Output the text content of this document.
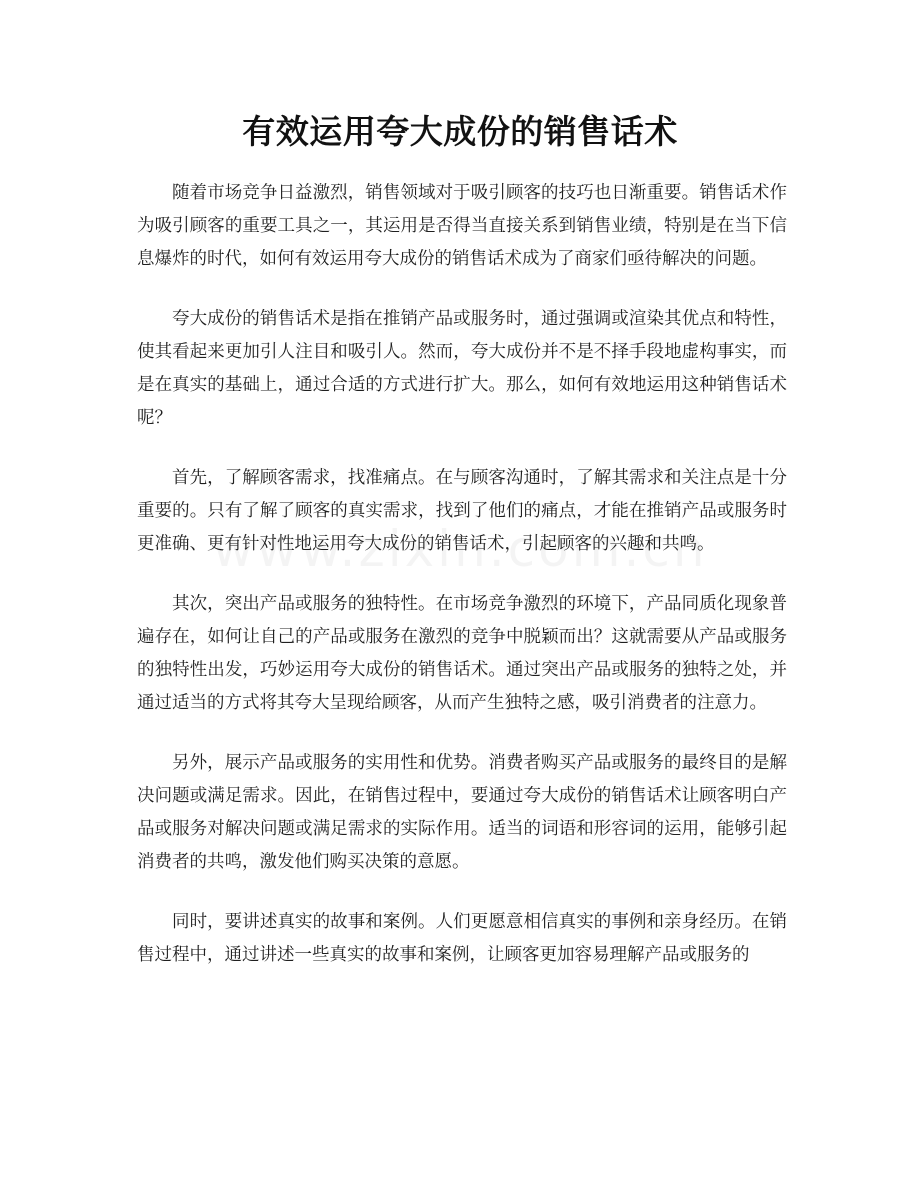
有效运用夸大成份的销售话术

随着市场竞争日益激烈，销售领域对于吸引顾客的技巧也日渐重要。销售话术作为吸引顾客的重要工具之一，其运用是否得当直接关系到销售业绩，特别是在当下信息爆炸的时代，如何有效运用夸大成份的销售话术成为了商家们亟待解决的问题。

夸大成份的销售话术是指在推销产品或服务时，通过强调或渲染其优点和特性，使其看起来更加引人注目和吸引人。然而，夸大成份并不是不择手段地虚构事实，而是在真实的基础上，通过合适的方式进行扩大。那么，如何有效地运用这种销售话术呢？

首先，了解顾客需求，找准痛点。在与顾客沟通时，了解其需求和关注点是十分重要的。只有了解了顾客的真实需求，找到了他们的痛点，才能在推销产品或服务时更准确、更有针对性地运用夸大成份的销售话术，引起顾客的兴趣和共鸣。

其次，突出产品或服务的独特性。在市场竞争激烈的环境下，产品同质化现象普遍存在，如何让自己的产品或服务在激烈的竞争中脱颖而出？这就需要从产品或服务的独特性出发，巧妙运用夸大成份的销售话术。通过突出产品或服务的独特之处，并通过适当的方式将其夸大呈现给顾客，从而产生独特之感，吸引消费者的注意力。

另外，展示产品或服务的实用性和优势。消费者购买产品或服务的最终目的是解决问题或满足需求。因此，在销售过程中，要通过夸大成份的销售话术让顾客明白产品或服务对解决问题或满足需求的实际作用。适当的词语和形容词的运用，能够引起消费者的共鸣，激发他们购买决策的意愿。

同时，要讲述真实的故事和案例。人们更愿意相信真实的事例和亲身经历。在销售过程中，通过讲述一些真实的故事和案例，让顾客更加容易理解产品或服务的
